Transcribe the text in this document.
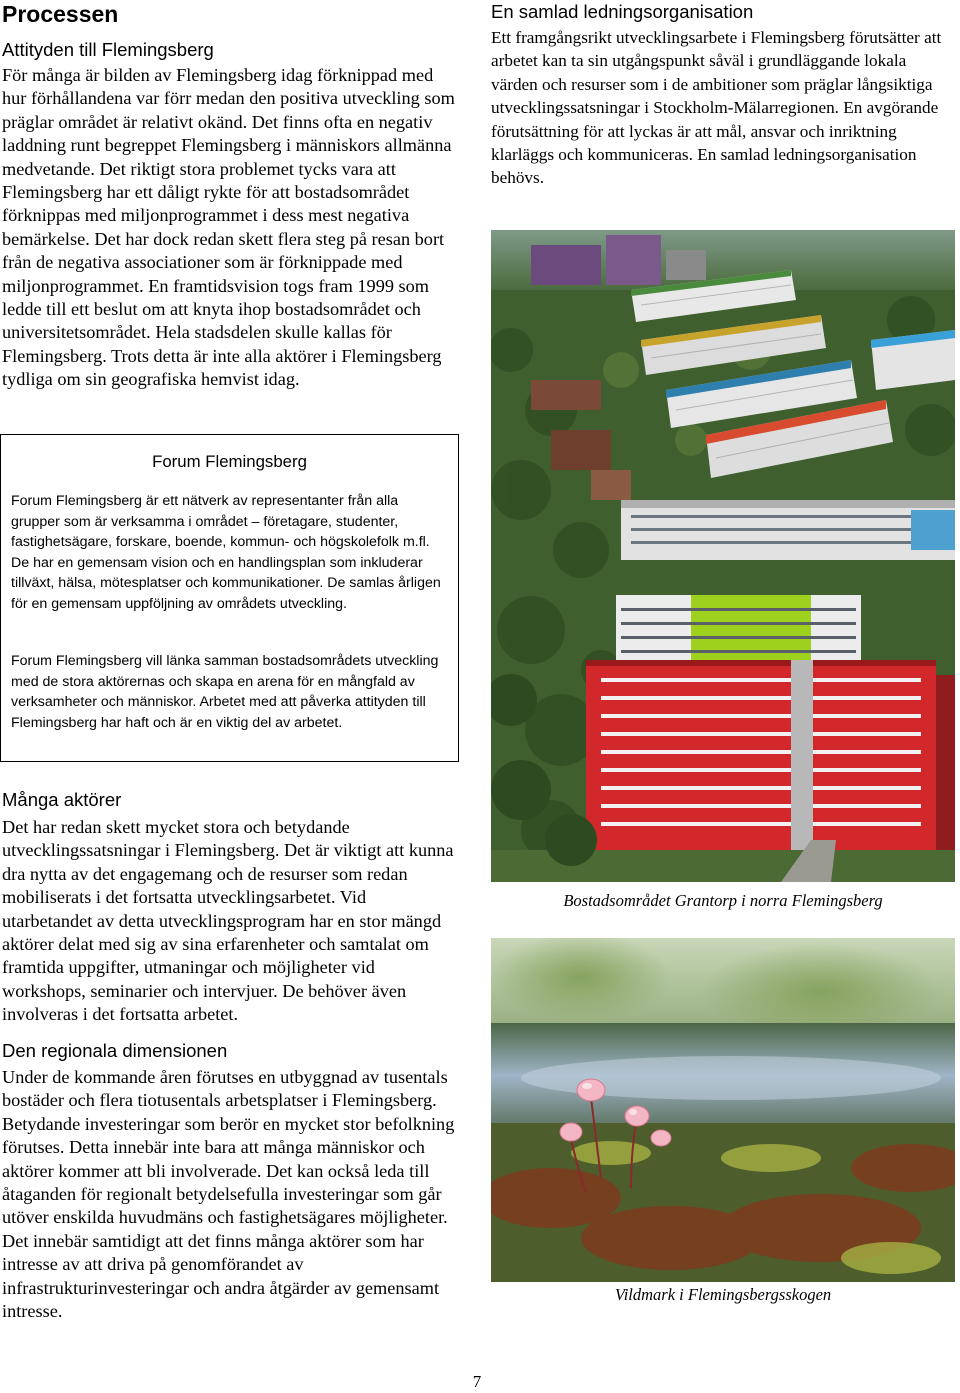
Processen
Attityden till Flemingsberg
För många är bilden av Flemingsberg idag förknippad med hur förhållandena var förr medan den positiva utveckling som präglar området är relativt okänd. Det finns ofta en negativ laddning runt begreppet Flemingsberg i människors allmänna medvetande. Det riktigt stora problemet tycks vara att Flemingsberg har ett dåligt rykte för att bostadsområdet förknippas med miljonprogrammet i dess mest negativa bemärkelse. Det har dock redan skett flera steg på resan bort från de negativa associationer som är förknippade med miljonprogrammet. En framtidsvision togs fram 1999 som ledde till ett beslut om att knyta ihop bostadsområdet och universitetsområdet. Hela stadsdelen skulle kallas för Flemingsberg. Trots detta är inte alla aktörer i Flemingsberg tydliga om sin geografiska hemvist idag.
Forum Flemingsberg
Forum Flemingsberg är ett nätverk av representanter från alla grupper som är verksamma i området – företagare, studenter, fastighetsägare, forskare, boende, kommun- och högskolefolk m.fl. De har en gemensam vision och en handlingsplan som inkluderar tillväxt, hälsa, mötesplatser och kommunikationer. De samlas årligen för en gemensam uppföljning av områdets utveckling.
Forum Flemingsberg vill länka samman bostadsområdets utveckling med de stora aktörernas och skapa en arena för en mångfald av verksamheter och människor. Arbetet med att påverka attityden till Flemingsberg har haft och är en viktig del av arbetet.
Många aktörer
Det har redan skett mycket stora och betydande utvecklingssatsningar i Flemingsberg. Det är viktigt att kunna dra nytta av det engagemang och de resurser som redan mobiliserats i det fortsatta utvecklingsarbetet. Vid utarbetandet av detta utvecklingsprogram har en stor mängd aktörer delat med sig av sina erfarenheter och samtalat om framtida uppgifter, utmaningar och möjligheter vid workshops, seminarier och intervjuer. De behöver även involveras i det fortsatta arbetet.
Den regionala dimensionen
Under de kommande åren förutses en utbyggnad av tusentals bostäder och flera tiotusentals arbetsplatser i Flemingsberg. Betydande investeringar som berör en mycket stor befolkning förutses. Detta innebär inte bara att många människor och aktörer kommer att bli involverade. Det kan också leda till åtaganden för regionalt betydelsefulla investeringar som går utöver enskilda huvudmäns och fastighetsägares möjligheter. Det innebär samtidigt att det finns många aktörer som har intresse av att driva på genomförandet av infrastrukturinvesteringar och andra åtgärder av gemensamt intresse.
En samlad ledningsorganisation
Ett framgångsrikt utvecklingsarbete i Flemingsberg förutsätter att arbetet kan ta sin utgångspunkt såväl i grundläggande lokala värden och resurser som i de ambitioner som präglar långsiktiga utvecklingssatsningar i Stockholm-Mälarregionen. En avgörande förutsättning för att lyckas är att mål, ansvar och inriktning klarläggs och kommuniceras. En samlad ledningsorganisation behövs.
Bostadsområdet Grantorp i norra Flemingsberg
Vildmark i Flemingsbergsskogen
7
